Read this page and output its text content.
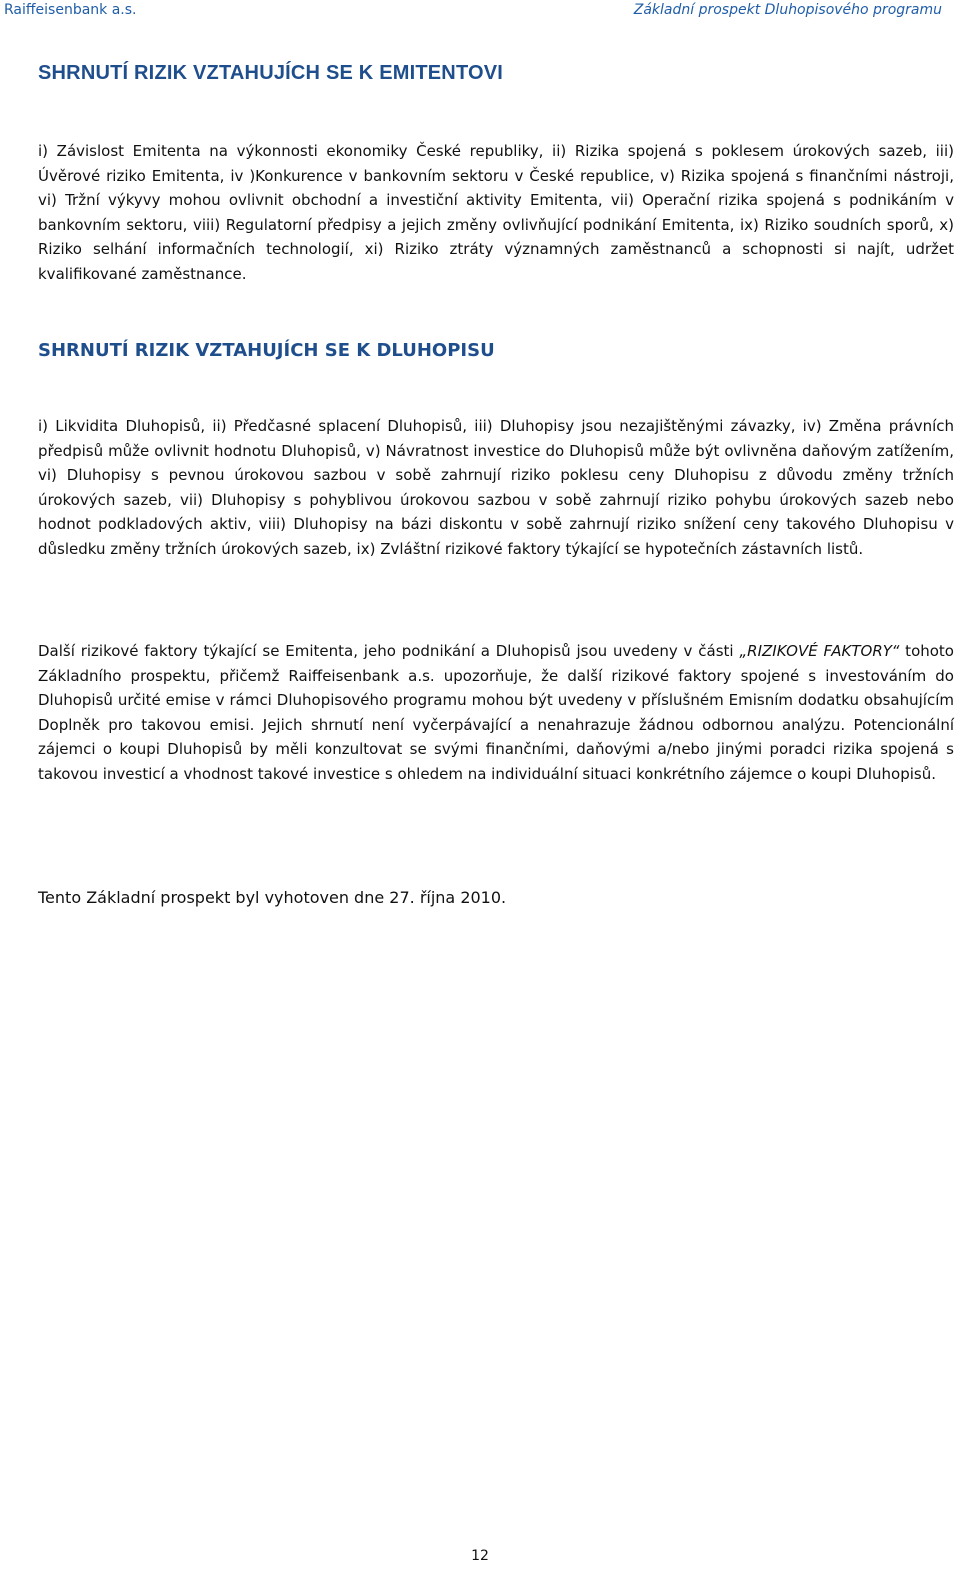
Raiffeisenbank a.s.	Základní prospekt Dluhopisového programu
SHRNUTÍ RIZIK VZTAHUJÍCH SE K EMITENTOVI

i) Závislost Emitenta na výkonnosti ekonomiky České republiky, ii) Rizika spojená s poklesem úrokových sazeb, iii) Úvěrové riziko Emitenta, iv )Konkurence v bankovním sektoru v České republice, v) Rizika spojená s finančními nástroji, vi) Tržní výkyvy mohou ovlivnit obchodní a investiční aktivity Emitenta, vii) Operační rizika spojená s podnikáním v bankovním sektoru, viii) Regulatorní předpisy a jejich změny ovlivňující podnikání Emitenta, ix) Riziko soudních sporů, x) Riziko selhání informačních technologií, xi) Riziko ztráty významných zaměstnanců a schopnosti si najít, udržet kvalifikované zaměstnance.

SHRNUTÍ RIZIK VZTAHUJÍCH SE K DLUHOPISU

i) Likvidita Dluhopisů, ii) Předčasné splacení Dluhopisů, iii) Dluhopisy jsou nezajištěnými závazky, iv) Změna právních předpisů může ovlivnit hodnotu Dluhopisů, v) Návratnost investice do Dluhopisů může být ovlivněna daňovým zatížením, vi) Dluhopisy s pevnou úrokovou sazbou v sobě zahrnují riziko poklesu ceny Dluhopisu z důvodu změny tržních úrokových sazeb, vii) Dluhopisy s pohyblivou úrokovou sazbou v sobě zahrnují riziko pohybu úrokových sazeb nebo hodnot podkladových aktiv, viii) Dluhopisy na bázi diskontu v sobě zahrnují riziko snížení ceny takového Dluhopisu v důsledku změny tržních úrokových sazeb, ix) Zvláštní rizikové faktory týkající se hypotečních zástavních listů.

Další rizikové faktory týkající se Emitenta, jeho podnikání a Dluhopisů jsou uvedeny v části „RIZIKOVÉ FAKTORY“ tohoto Základního prospektu, přičemž Raiffeisenbank a.s. upozorňuje, že další rizikové faktory spojené s investováním do Dluhopisů určité emise v rámci Dluhopisového programu mohou být uvedeny v příslušném Emisním dodatku obsahujícím Doplněk pro takovou emisi. Jejich shrnutí není vyčerpávající a nenahrazuje žádnou odbornou analýzu. Potencionální zájemci o koupi Dluhopisů by měli konzultovat se svými finančními, daňovými a/nebo jinými poradci rizika spojená s takovou investicí a vhodnost takové investice s ohledem na individuální situaci konkrétního zájemce o koupi Dluhopisů.

Tento Základní prospekt byl vyhotoven dne 27. října 2010.
12
